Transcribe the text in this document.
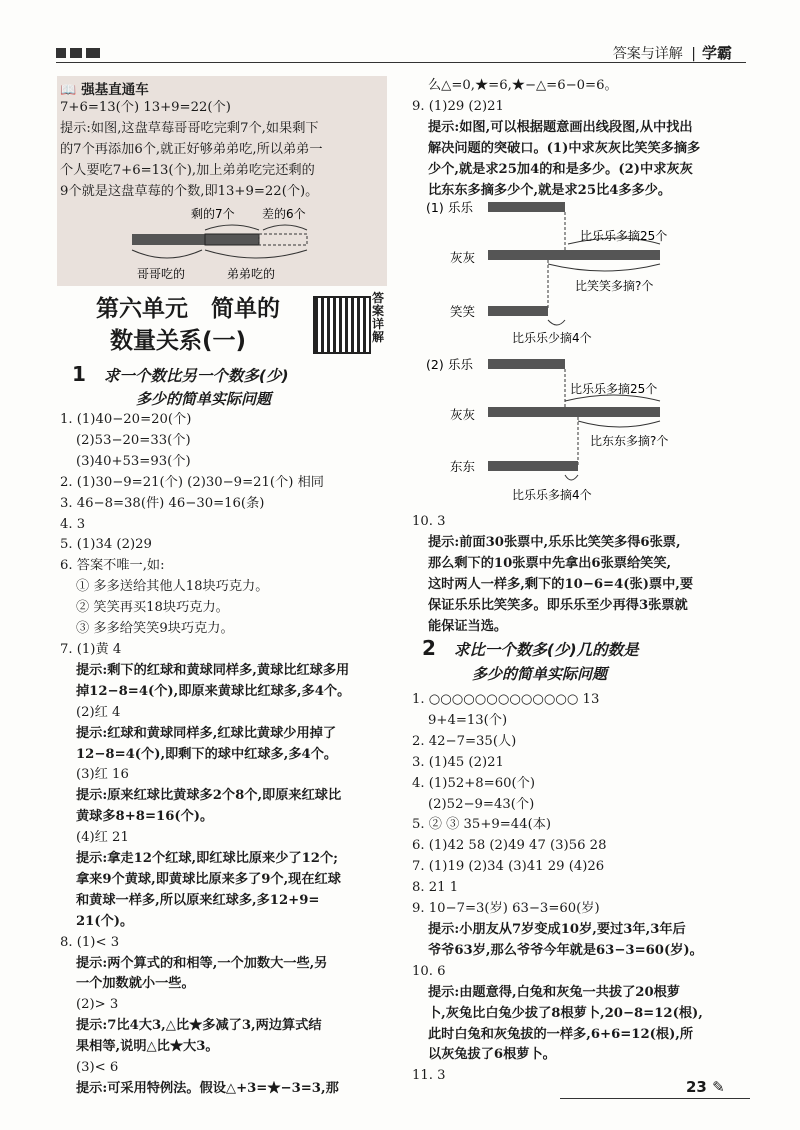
答案与详解 | 学霸
📖 强基直通车
7+6=13(个) 13+9=22(个)
提示:如图,这盘草莓哥哥吃完剩7个,如果剩下
的7个再添加6个,就正好够弟弟吃,所以弟弟一
个人要吃7+6=13(个),加上弟弟吃完还剩的
9个就是这盘草莓的个数,即13+9=22(个)。
剩的7个 差的6个
哥哥吃的	弟弟吃的
第六单元　简单的
数量关系(一)
答案详解
1 求一个数比另一个数多(少)
多少的简单实际问题
1. (1)40−20=20(个)
(2)53−20=33(个)
(3)40+53=93(个)
2. (1)30−9=21(个) (2)30−9=21(个) 相同
3. 46−8=38(件) 46−30=16(条)
4. 3
5. (1)34 (2)29
6. 答案不唯一,如:
① 多多送给其他人18块巧克力。
② 笑笑再买18块巧克力。
③ 多多给笑笑9块巧克力。
7. (1)黄 4
提示:剩下的红球和黄球同样多,黄球比红球多用
掉12−8=4(个),即原来黄球比红球多,多4个。
(2)红 4
提示:红球和黄球同样多,红球比黄球少用掉了
12−8=4(个),即剩下的球中红球多,多4个。
(3)红 16
提示:原来红球比黄球多2个8个,即原来红球比
黄球多8+8=16(个)。
(4)红 21
提示:拿走12个红球,即红球比原来少了12个;
拿来9个黄球,即黄球比原来多了9个,现在红球
和黄球一样多,所以原来红球多,多12+9=
21(个)。
8. (1)< 3
提示:两个算式的和相等,一个加数大一些,另
一个加数就小一些。
(2)> 3
提示:7比4大3,△比★多减了3,两边算式结
果相等,说明△比★大3。
(3)< 6
提示:可采用特例法。假设△+3=★−3=3,那
么△=0,★=6,★−△=6−0=6。
9. (1)29 (2)21
提示:如图,可以根据题意画出线段图,从中找出
解决问题的突破口。(1)中求灰灰比笑笑多摘多
少个,就是求25加4的和是多少。(2)中求灰灰
比东东多摘多少个,就是求25比4多多少。
(1) 乐乐
比乐乐多摘25个
灰灰
比笑笑多摘?个
笑笑
比乐乐少摘4个
(2) 乐乐
比乐乐多摘25个
灰灰
比东东多摘?个
东东
比乐乐多摘4个
10. 3
提示:前面30张票中,乐乐比笑笑多得6张票,
那么剩下的10张票中先拿出6张票给笑笑,
这时两人一样多,剩下的10−6=4(张)票中,要
保证乐乐比笑笑多。即乐乐至少再得3张票就
能保证当选。
2 求比一个数多(少)几的数是
多少的简单实际问题
1. ○○○○○○○○○○○○○ 13
9+4=13(个)
2. 42−7=35(人)
3. (1)45 (2)21
4. (1)52+8=60(个)
(2)52−9=43(个)
5. ② ③ 35+9=44(本)
6. (1)42 58 (2)49 47 (3)56 28
7. (1)19 (2)34 (3)41 29 (4)26
8. 21 1
9. 10−7=3(岁) 63−3=60(岁)
提示:小朋友从7岁变成10岁,要过3年,3年后
爷爷63岁,那么爷爷今年就是63−3=60(岁)。
10. 6
提示:由题意得,白兔和灰兔一共拔了20根萝
卜,灰兔比白兔少拔了8根萝卜,20−8=12(根),
此时白兔和灰兔拔的一样多,6+6=12(根),所
以灰兔拔了6根萝卜。
11. 3
23 ✎
